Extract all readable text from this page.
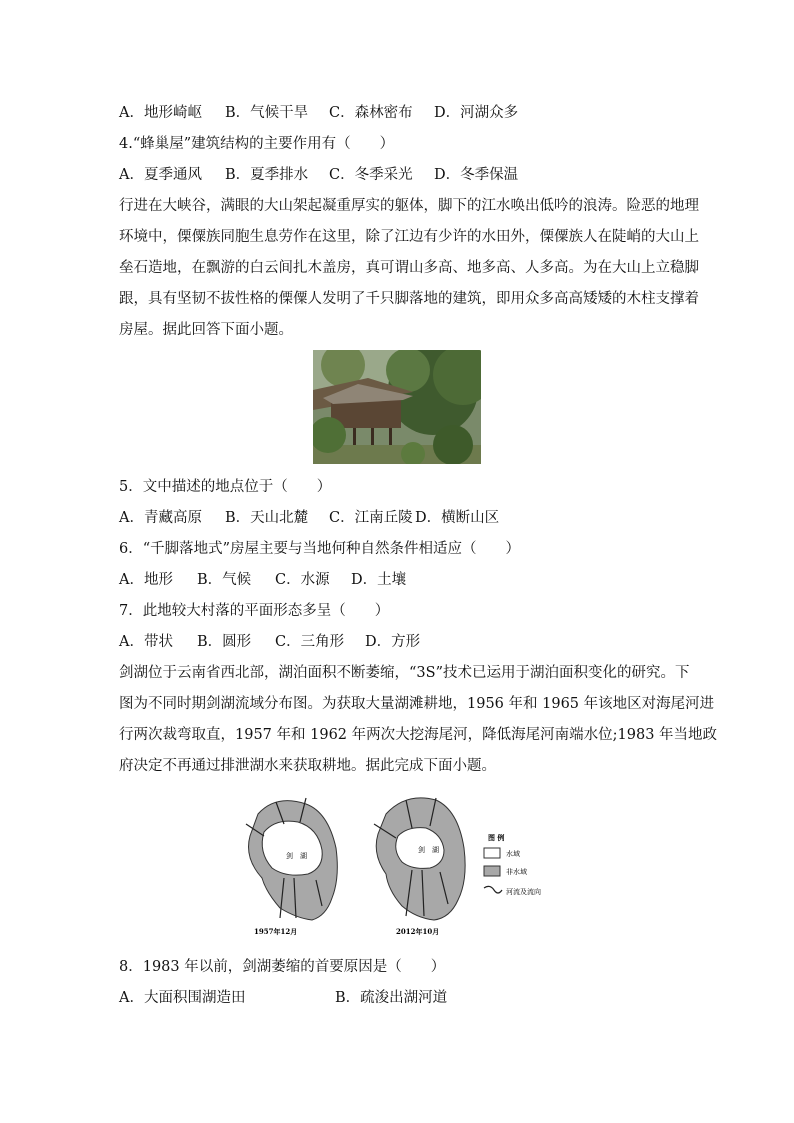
A．地形崎岖 B．气候干旱 C．森林密布 D．河湖众多
4.“蜂巢屋”建筑结构的主要作用有（　　）
A．夏季通风 B．夏季排水 C．冬季采光 D．冬季保温
行进在大峡谷，满眼的大山架起凝重厚实的躯体，脚下的江水唤出低吟的浪涛。险恶的地理
环境中，傈僳族同胞生息劳作在这里，除了江边有少许的水田外，傈僳族人在陡峭的大山上
垒石造地，在飘游的白云间扎木盖房，真可谓山多高、地多高、人多高。为在大山上立稳脚
跟，具有坚韧不拔性格的傈僳人发明了千只脚落地的建筑，即用众多高高矮矮的木柱支撑着
房屋。据此回答下面小题。
5．文中描述的地点位于（　　）
A．青藏高原 B．天山北麓 C．江南丘陵 D．横断山区
6．“千脚落地式”房屋主要与当地何种自然条件相适应（　　）
A．地形 B．气候 C．水源 D．土壤
7．此地较大村落的平面形态多呈（　　）
A．带状 B．圆形 C．三角形 D．方形
剑湖位于云南省西北部，湖泊面积不断萎缩，“3S”技术已运用于湖泊面积变化的研究。下
图为不同时期剑湖流域分布图。为获取大量湖滩耕地，1956 年和 1965 年该地区对海尾河进
行两次裁弯取直，1957 年和 1962 年两次大挖海尾河，降低海尾河南端水位;1983 年当地政
府决定不再通过排泄湖水来获取耕地。据此完成下面小题。
剑　湖
1957年12月
剑　湖
2012年10月
图 例
水域
非水域
河流及流向
8．1983 年以前，剑湖萎缩的首要原因是（　　）
A．大面积围湖造田	B．疏浚出湖河道
